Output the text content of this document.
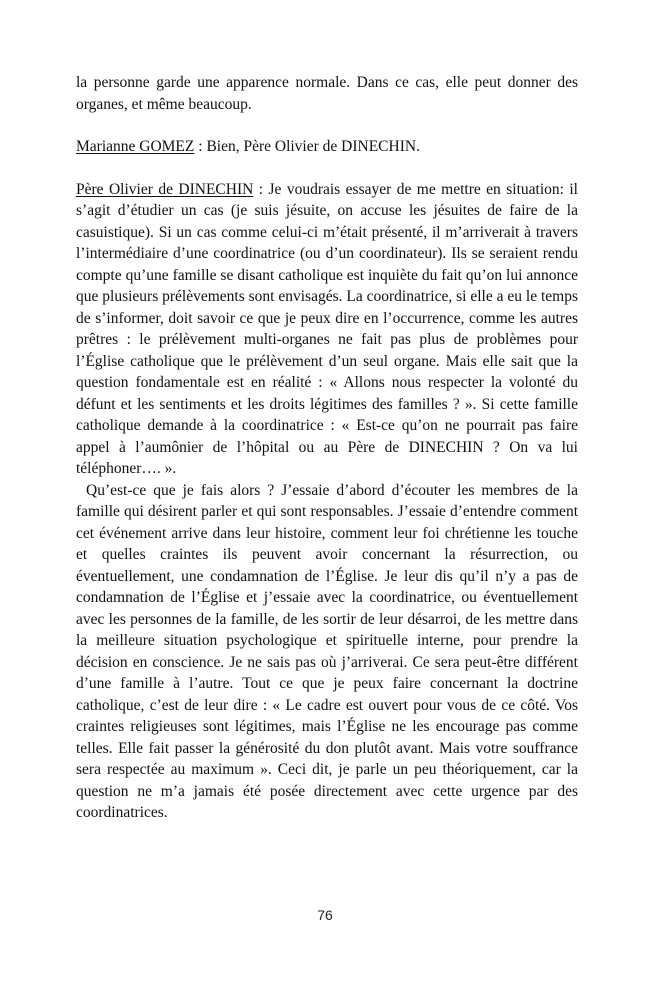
la personne garde une apparence normale. Dans ce cas, elle peut donner des organes, et même beaucoup.

Marianne GOMEZ : Bien, Père Olivier de DINECHIN.

Père Olivier de DINECHIN : Je voudrais essayer de me mettre en situation: il s’agit d’étudier un cas (je suis jésuite, on accuse les jésuites de faire de la casuistique). Si un cas comme celui-ci m’était présenté, il m’arriverait à travers l’intermédiaire d’une coordinatrice (ou d’un coordinateur). Ils se seraient rendu compte qu’une famille se disant catholique est inquiète du fait qu’on lui annonce que plusieurs prélèvements sont envisagés. La coordinatrice, si elle a eu le temps de s’informer, doit savoir ce que je peux dire en l’occurrence, comme les autres prêtres : le prélèvement multi-organes ne fait pas plus de problèmes pour l’Église catholique que le prélèvement d’un seul organe. Mais elle sait que la question fondamentale est en réalité : « Allons nous respecter la volonté du défunt et les sentiments et les droits légitimes des familles ? ». Si cette famille catholique demande à la coordinatrice : « Est-ce qu’on ne pourrait pas faire appel à l’aumônier de l’hôpital ou au Père de DINECHIN ? On va lui téléphoner…. ».

Qu’est-ce que je fais alors ? J’essaie d’abord d’écouter les membres de la famille qui désirent parler et qui sont responsables. J’essaie d’entendre comment cet événement arrive dans leur histoire, comment leur foi chrétienne les touche et quelles craintes ils peuvent avoir concernant la résurrection, ou éventuellement, une condamnation de l’Église. Je leur dis qu’il n’y a pas de condamnation de l’Église et j’essaie avec la coordinatrice, ou éventuellement avec les personnes de la famille, de les sortir de leur désarroi, de les mettre dans la meilleure situation psychologique et spirituelle interne, pour prendre la décision en conscience. Je ne sais pas où j’arriverai. Ce sera peut-être différent d’une famille à l’autre. Tout ce que je peux faire concernant la doctrine catholique, c’est de leur dire : « Le cadre est ouvert pour vous de ce côté. Vos craintes religieuses sont légitimes, mais l’Église ne les encourage pas comme telles. Elle fait passer la générosité du don plutôt avant. Mais votre souffrance sera respectée au maximum ». Ceci dit, je parle un peu théoriquement, car la question ne m’a jamais été posée directement avec cette urgence par des coordinatrices.

76
